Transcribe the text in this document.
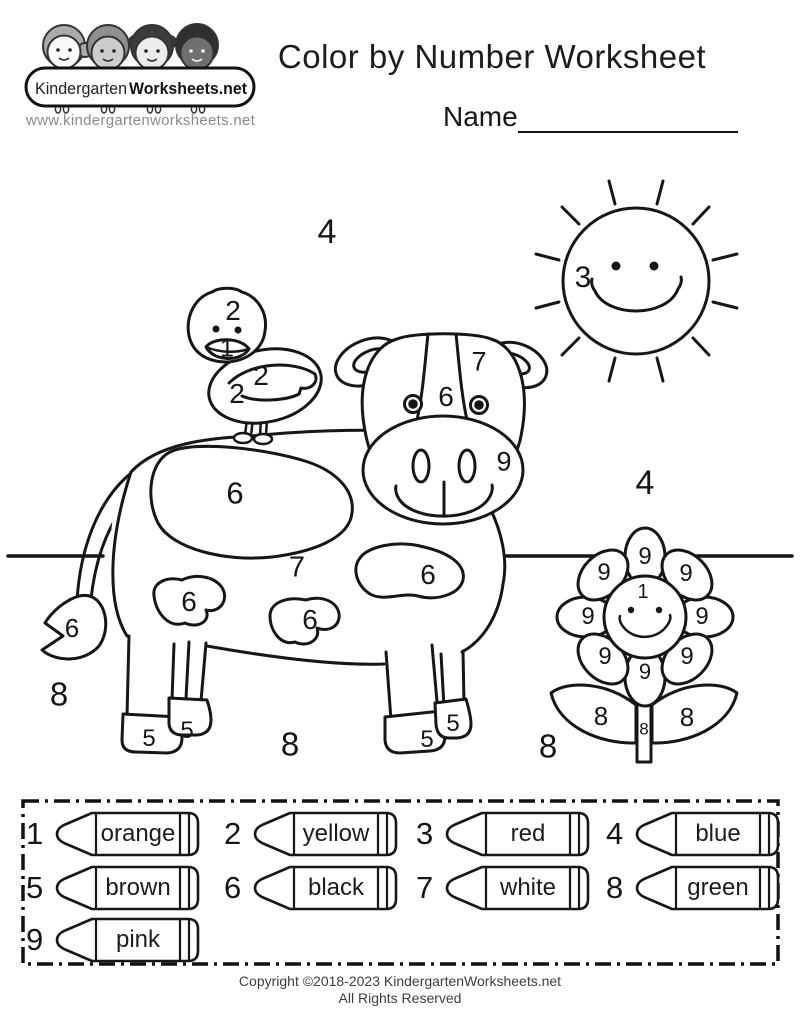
Kindergarten Worksheets.net
www.kindergartenworksheets.net
Color by Number Worksheet
Name
4
3
2
1
2
2
7
6
9
4
6
7	6
6
6
6
8
5 5	8	5
5
8
9
9	9
9	9
9	9
9
1
8	8
8
1	orange 2	yellow 3	red 4	blue
5	brown 6	black 7	white 8	green
9	pink
Copyright ©2018-2023 KindergartenWorksheets.net
All Rights Reserved
